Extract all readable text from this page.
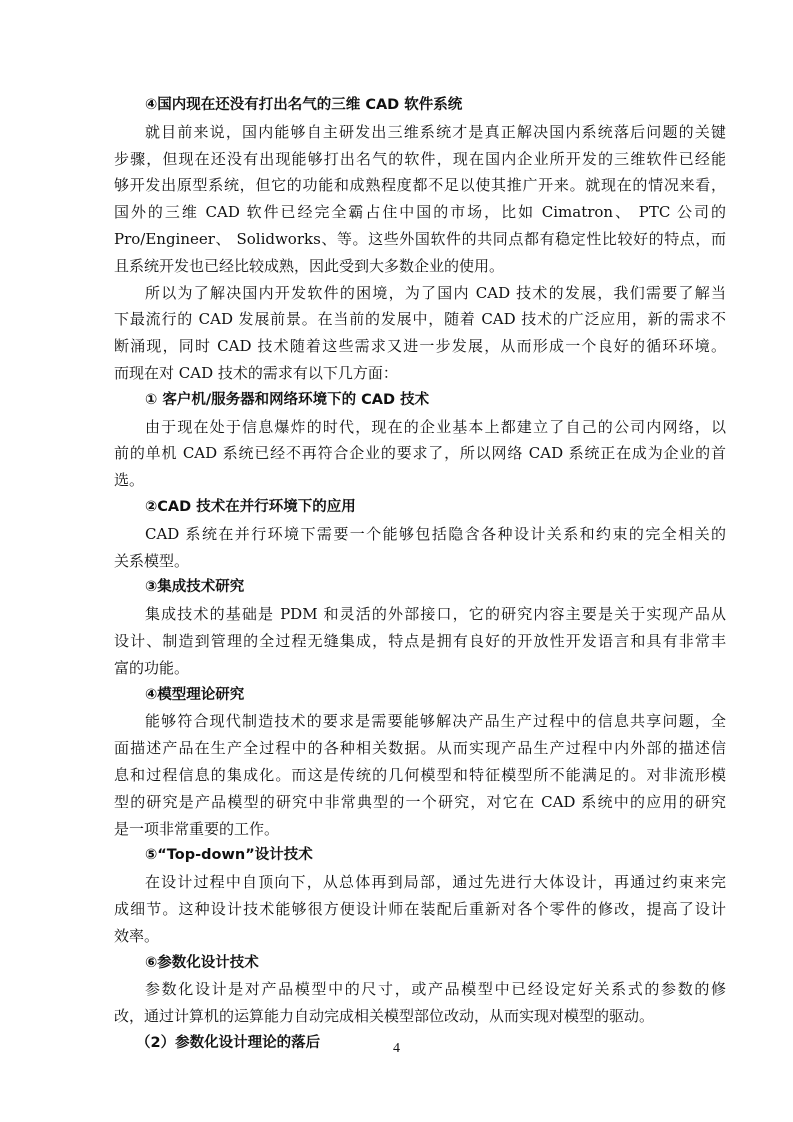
④国内现在还没有打出名气的三维 CAD 软件系统
就目前来说，国内能够自主研发出三维系统才是真正解决国内系统落后问题的关键
步骤，但现在还没有出现能够打出名气的软件，现在国内企业所开发的三维软件已经能
够开发出原型系统，但它的功能和成熟程度都不足以使其推广开来。就现在的情况来看，
国外的三维 CAD 软件已经完全霸占住中国的市场，比如 Cimatron、 PTC 公司的
Pro/Engineer、 Solidworks、等。这些外国软件的共同点都有稳定性比较好的特点，而
且系统开发也已经比较成熟，因此受到大多数企业的使用。
所以为了解决国内开发软件的困境，为了国内 CAD 技术的发展，我们需要了解当
下最流行的 CAD 发展前景。在当前的发展中，随着 CAD 技术的广泛应用，新的需求不
断涌现，同时 CAD 技术随着这些需求又进一步发展，从而形成一个良好的循环环境。
而现在对 CAD 技术的需求有以下几方面：
① 客户机/服务器和网络环境下的 CAD 技术
由于现在处于信息爆炸的时代，现在的企业基本上都建立了自己的公司内网络，以
前的单机 CAD 系统已经不再符合企业的要求了，所以网络 CAD 系统正在成为企业的首
选。
②CAD 技术在并行环境下的应用
CAD 系统在并行环境下需要一个能够包括隐含各种设计关系和约束的完全相关的
关系模型。
③集成技术研究
集成技术的基础是 PDM 和灵活的外部接口，它的研究内容主要是关于实现产品从
设计、制造到管理的全过程无缝集成，特点是拥有良好的开放性开发语言和具有非常丰
富的功能。
④模型理论研究
能够符合现代制造技术的要求是需要能够解决产品生产过程中的信息共享问题，全
面描述产品在生产全过程中的各种相关数据。从而实现产品生产过程中内外部的描述信
息和过程信息的集成化。而这是传统的几何模型和特征模型所不能满足的。对非流形模
型的研究是产品模型的研究中非常典型的一个研究，对它在 CAD 系统中的应用的研究
是一项非常重要的工作。
⑤“Top-down”设计技术
在设计过程中自顶向下，从总体再到局部，通过先进行大体设计，再通过约束来完
成细节。这种设计技术能够很方便设计师在装配后重新对各个零件的修改，提高了设计
效率。
⑥参数化设计技术
参数化设计是对产品模型中的尺寸，或产品模型中已经设定好关系式的参数的修
改，通过计算机的运算能力自动完成相关模型部位改动，从而实现对模型的驱动。
（2）参数化设计理论的落后	4
